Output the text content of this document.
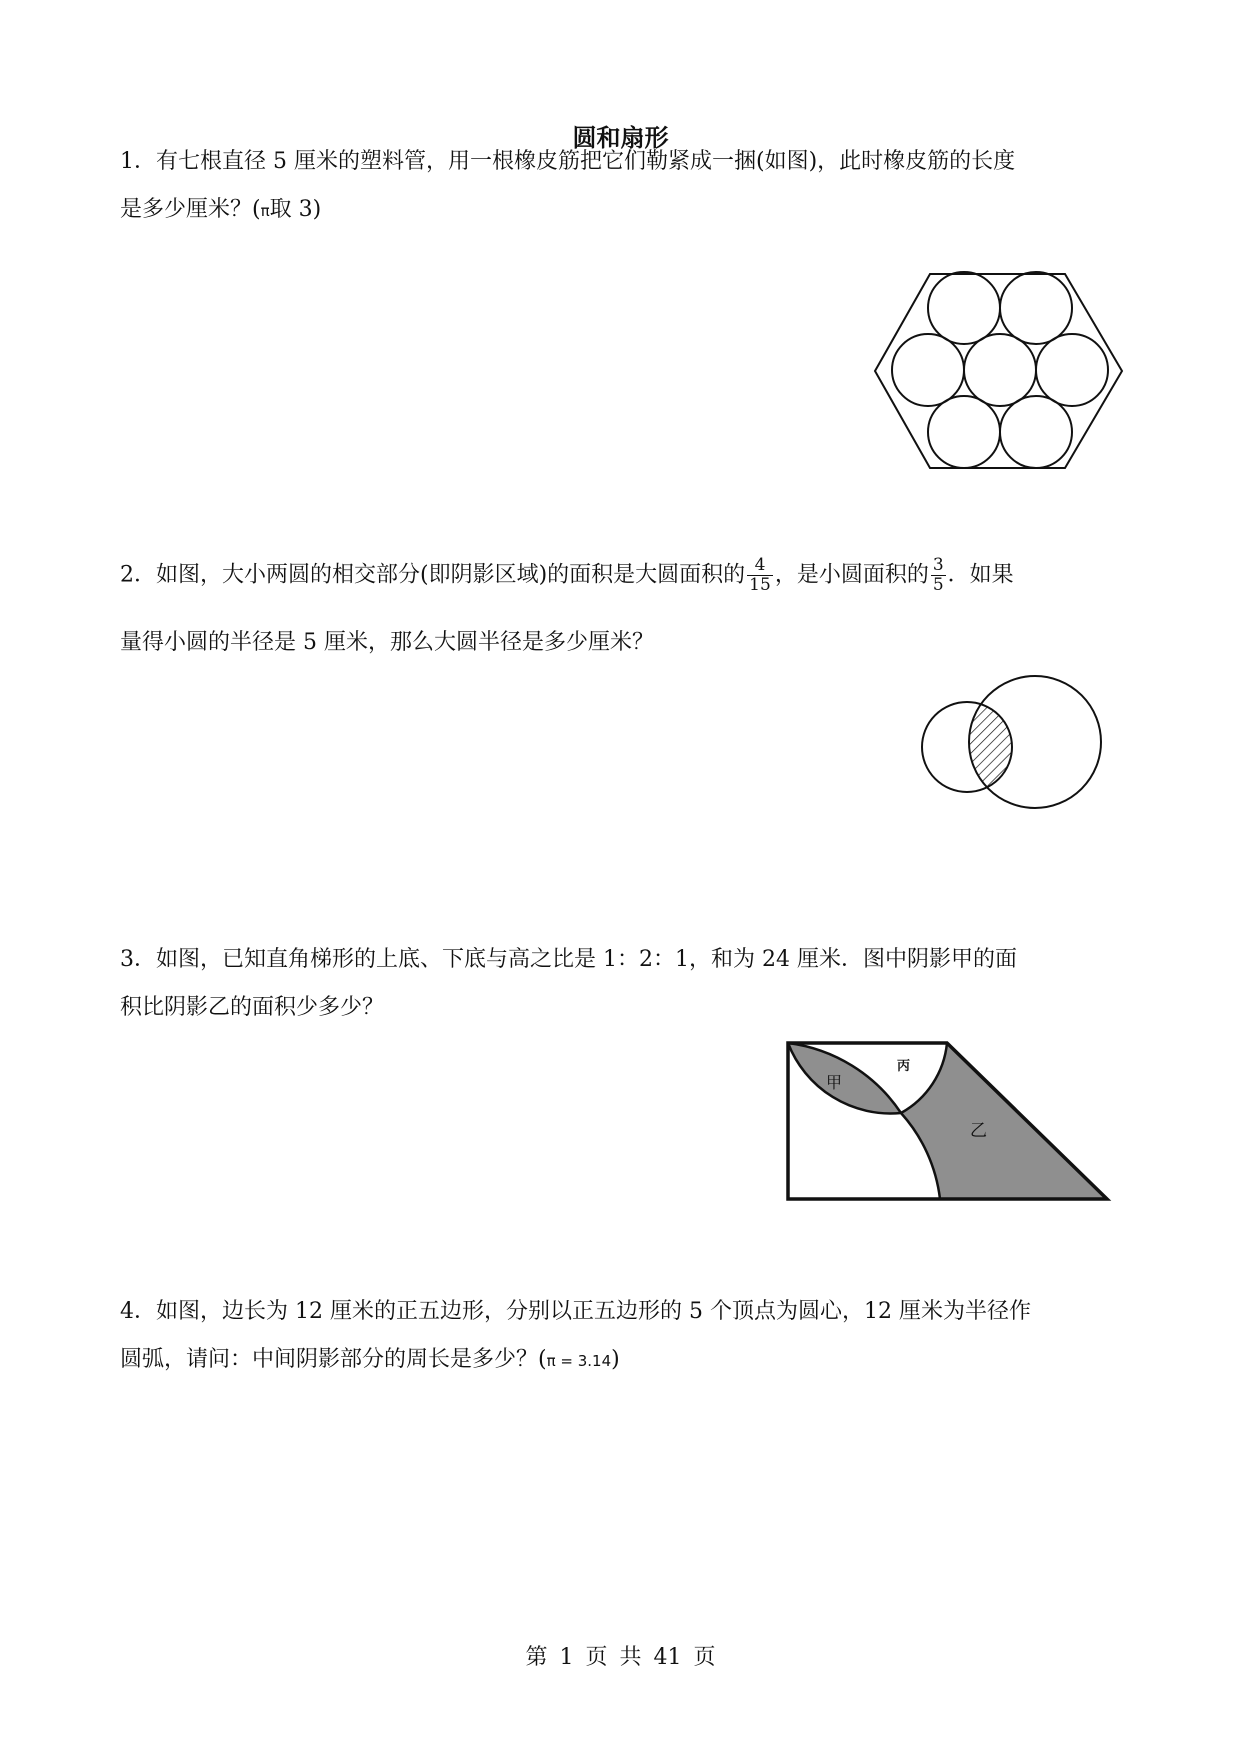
圆和扇形
1．有七根直径 5 厘米的塑料管，用一根橡皮筋把它们勒紧成一捆(如图)，此时橡皮筋的长度
是多少厘米？(π取 3)
2．如图，大小两圆的相交部分(即阴影区域)的面积是大圆面积的 $\frac{4}{15}$ ，是小圆面积的 $\frac{3}{5}$ ．如果
量得小圆的半径是 5 厘米，那么大圆半径是多少厘米？
3．如图，已知直角梯形的上底、下底与高之比是 1：2：1，和为 24 厘米．图中阴影甲的面
积比阴影乙的面积少多少？
甲
丙
乙
4．如图，边长为 12 厘米的正五边形，分别以正五边形的 5 个顶点为圆心，12 厘米为半径作
圆弧，请问：中间阴影部分的周长是多少？(π = 3.14)
第 1 页 共 41 页
